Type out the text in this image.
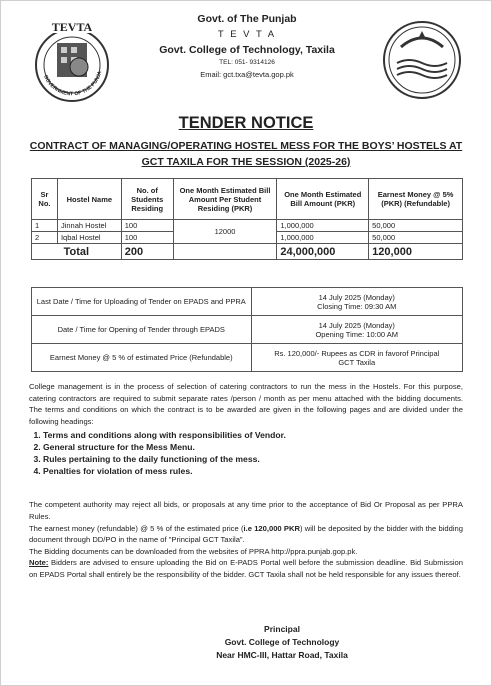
TEVTA
GOVERNMENT OF THE PUNJA
Govt. of The Punjab
T E V T A
Govt. College of Technology, Taxila
TEL: 051- 9314126
Email: gct.txa@tevta.gop.pk
TENDER NOTICE
CONTRACT OF MANAGING/OPERATING HOSTEL MESS FOR THE BOYS’ HOSTELS AT GCT TAXILA FOR THE SESSION (2025-26)
Sr No.	Hostel Name	No. of Students Residing	One Month Estimated Bill Amount Per Student Residing (PKR)	One Month Estimated Bill Amount (PKR)	Earnest Money @ 5% (PKR) (Refundable)
1	Jinnah Hostel	100	12000	1,000,000	50,000
2	Iqbal Hostel	100		1,000,000	50,000
Total		200		24,000,000	120,000
Last Date / Time for Uploading of Tender on EPADS and PPRA	14 July 2025 (Monday)
Closing Time: 09:30 AM
Date / Time for Opening of Tender through EPADS	14 July 2025 (Monday)
Opening Time: 10:00 AM
Earnest Money @ 5 % of estimated Price (Refundable)	Rs. 120,000/- Rupees as CDR in favorof Principal
GCT Taxila

College management is in the process of selection of catering contractors to run the mess in the Hostels. For this purpose, catering contractors are required to submit separate rates /person / month as per menu attached with the bidding documents. The terms and conditions on which the contract is to be awarded are given in the following pages and are divided under the following headings:

1. Terms and conditions along with responsibilities of Vendor.
2. General structure for the Mess Menu.
3. Rules pertaining to the daily functioning of the mess.
4. Penalties for violation of mess rules.

The competent authority may reject all bids, or proposals at any time prior to the acceptance of Bid Or Proposal as per PPRA Rules.

The earnest money (refundable) @ 5 % of the estimated price (i.e 120,000 PKR) will be deposited by the bidder with the bidding document through DD/PO in the name of "Principal GCT Taxila".

The Bidding documents can be downloaded from the websites of PPRA http://ppra.punjab.gop.pk.

Note: Bidders are advised to ensure uploading the Bid on E-PADS Portal well before the submission deadline. Bid Submission on EPADS Portal shall entirely be the responsibility of the bidder. GCT Taxila shall not be held responsible for any issues thereof.

Principal
Govt. College of Technology
Near HMC-III, Hattar Road, Taxila
